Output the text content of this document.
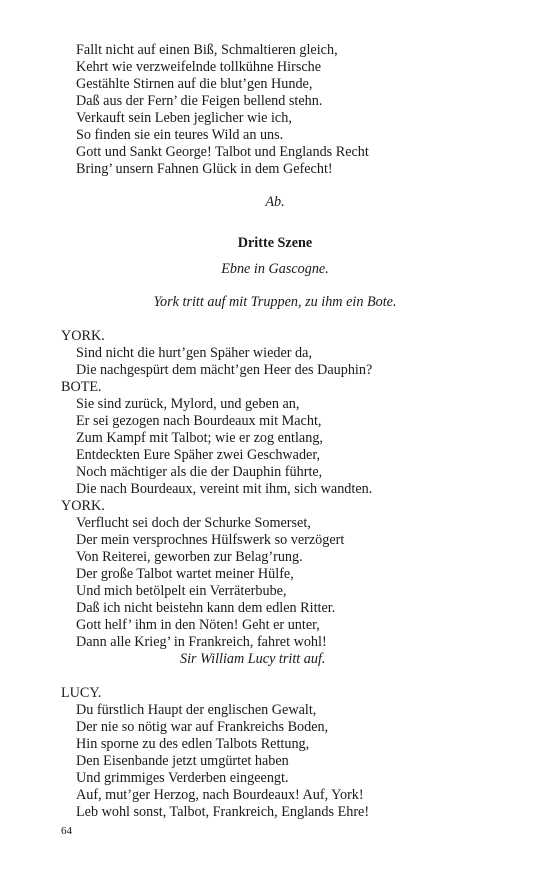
Fallt nicht auf einen Biß, Schmaltieren gleich,
Kehrt wie verzweifelnde tollkühne Hirsche
Gestählte Stirnen auf die blut’gen Hunde,
Daß aus der Fern’ die Feigen bellend stehn.
Verkauft sein Leben jeglicher wie ich,
So finden sie ein teures Wild an uns.
Gott und Sankt George! Talbot und Englands Recht
Bring’ unsern Fahnen Glück in dem Gefecht!
Ab.
Dritte Szene
Ebne in Gascogne.
York tritt auf mit Truppen, zu ihm ein Bote.
YORK.
Sind nicht die hurt’gen Späher wieder da,
Die nachgespürt dem mächt’gen Heer des Dauphin?
BOTE.
Sie sind zurück, Mylord, und geben an,
Er sei gezogen nach Bourdeaux mit Macht,
Zum Kampf mit Talbot; wie er zog entlang,
Entdeckten Eure Späher zwei Geschwader,
Noch mächtiger als die der Dauphin führte,
Die nach Bourdeaux, vereint mit ihm, sich wandten.
YORK.
Verflucht sei doch der Schurke Somerset,
Der mein versprochnes Hülfswerk so verzögert
Von Reiterei, geworben zur Belag’rung.
Der große Talbot wartet meiner Hülfe,
Und mich betölpelt ein Verräterbube,
Daß ich nicht beistehn kann dem edlen Ritter.
Gott helf’ ihm in den Nöten! Geht er unter,
Dann alle Krieg’ in Frankreich, fahret wohl!
Sir William Lucy tritt auf.
LUCY.
Du fürstlich Haupt der englischen Gewalt,
Der nie so nötig war auf Frankreichs Boden,
Hin sporne zu des edlen Talbots Rettung,
Den Eisenbande jetzt umgürtet haben
Und grimmiges Verderben eingeengt.
Auf, mut’ger Herzog, nach Bourdeaux! Auf, York!
Leb wohl sonst, Talbot, Frankreich, Englands Ehre!
64
